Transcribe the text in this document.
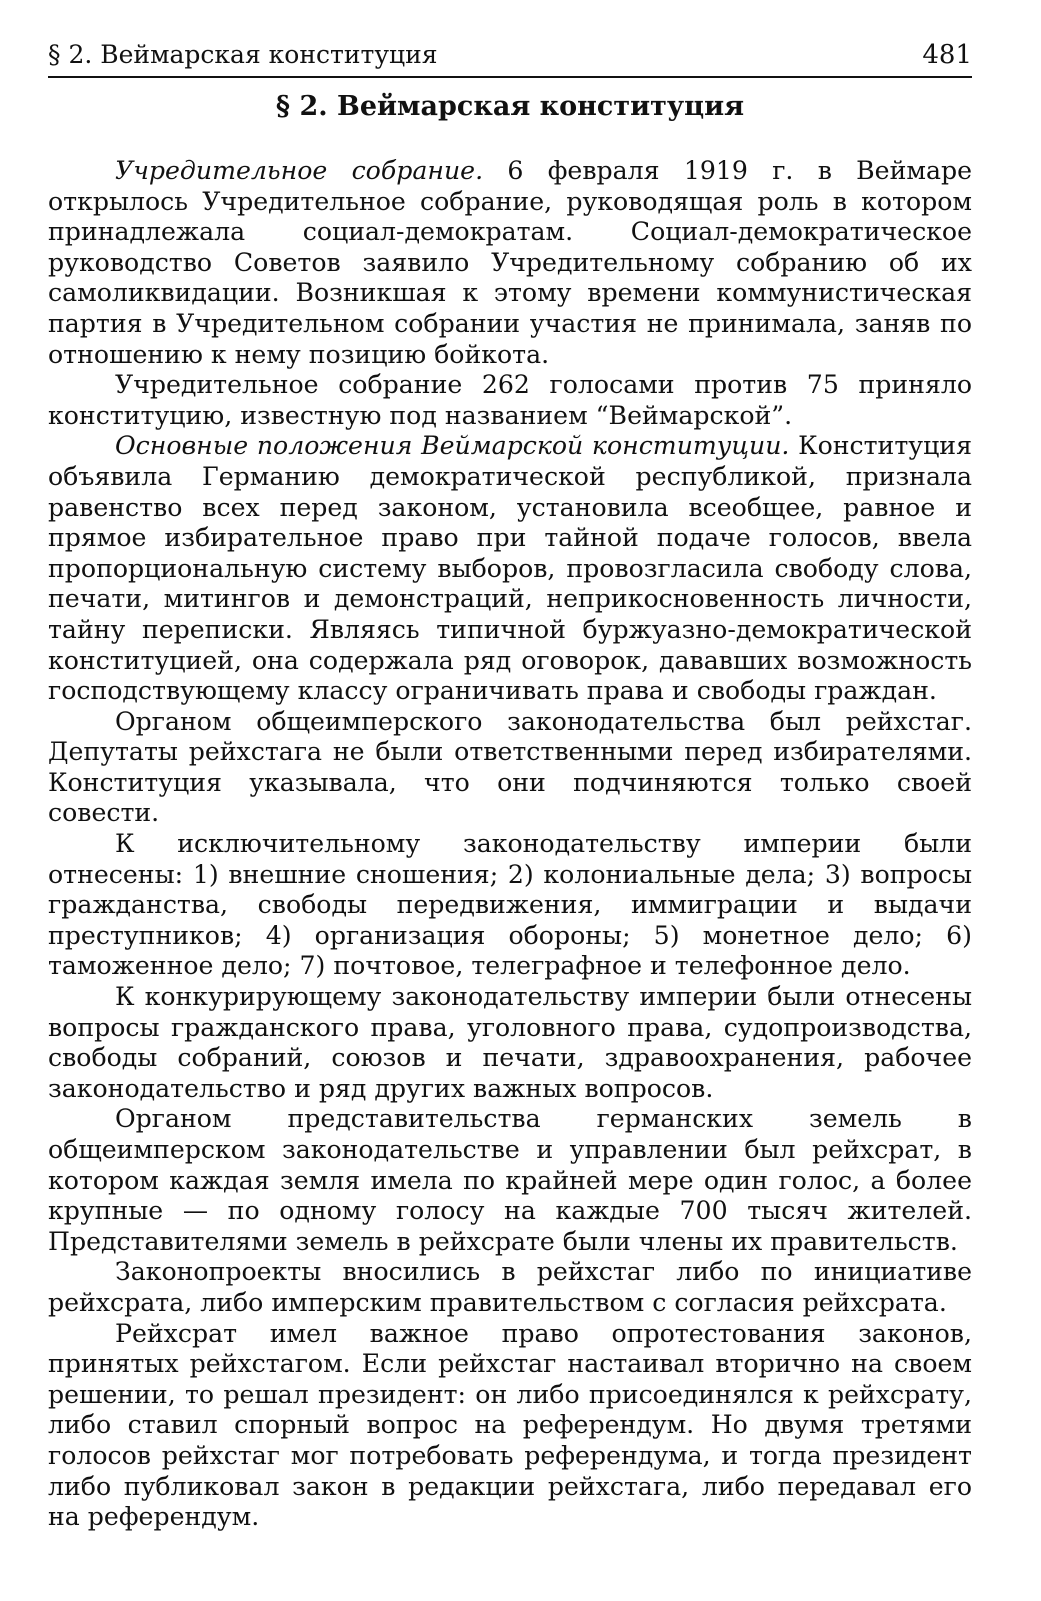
§ 2. Веймарская конституция	481
§ 2. Веймарская конституция

Учредительное собрание. 6 февраля 1919 г. в Веймаре открылось Учредительное собрание, руководящая роль в котором принадлежала социал-демократам. Социал-демократическое руководство Советов заявило Учредительному собранию об их самоликвидации. Возникшая к этому времени коммунистическая партия в Учредительном собрании участия не принимала, заняв по отношению к нему позицию бойкота.

Учредительное собрание 262 голосами против 75 приняло конституцию, известную под названием “Веймарской”.

Основные положения Веймарской конституции. Конституция объявила Германию демократической республикой, признала равенство всех перед законом, установила всеобщее, равное и прямое избирательное право при тайной подаче голосов, ввела пропорциональную систему выборов, провозгласила свободу слова, печати, митингов и демонстраций, неприкосновенность личности, тайну переписки. Являясь типичной буржуазно-демократической конституцией, она содержала ряд оговорок, дававших возможность господствующему классу ограничивать права и свободы граждан.

Органом общеимперского законодательства был рейхстаг. Депутаты рейхстага не были ответственными перед избирателями. Конституция указывала, что они подчиняются только своей совести.

К исключительному законодательству империи были отнесены: 1) внешние сношения; 2) колониальные дела; 3) вопросы гражданства, свободы передвижения, иммиграции и выдачи преступников; 4) организация обороны; 5) монетное дело; 6) таможенное дело; 7) почтовое, телеграфное и телефонное дело.

К конкурирующему законодательству империи были отнесены вопросы гражданского права, уголовного права, судопроизводства, свободы собраний, союзов и печати, здравоохранения, рабочее законодательство и ряд других важных вопросов.

Органом представительства германских земель в общеимперском законодательстве и управлении был рейхсрат, в котором каждая земля имела по крайней мере один голос, а более крупные — по одному голосу на каждые 700 тысяч жителей. Представителями земель в рейхсрате были члены их правительств.

Законопроекты вносились в рейхстаг либо по инициативе рейхсрата, либо имперским правительством с согласия рейхсрата.

Рейхсрат имел важное право опротестования законов, принятых рейхстагом. Если рейхстаг настаивал вторично на своем решении, то решал президент: он либо присоединялся к рейхсрату, либо ставил спорный вопрос на референдум. Но двумя третями голосов рейхстаг мог потребовать референдума, и тогда президент либо публиковал закон в редакции рейхстага, либо передавал его на референдум.
